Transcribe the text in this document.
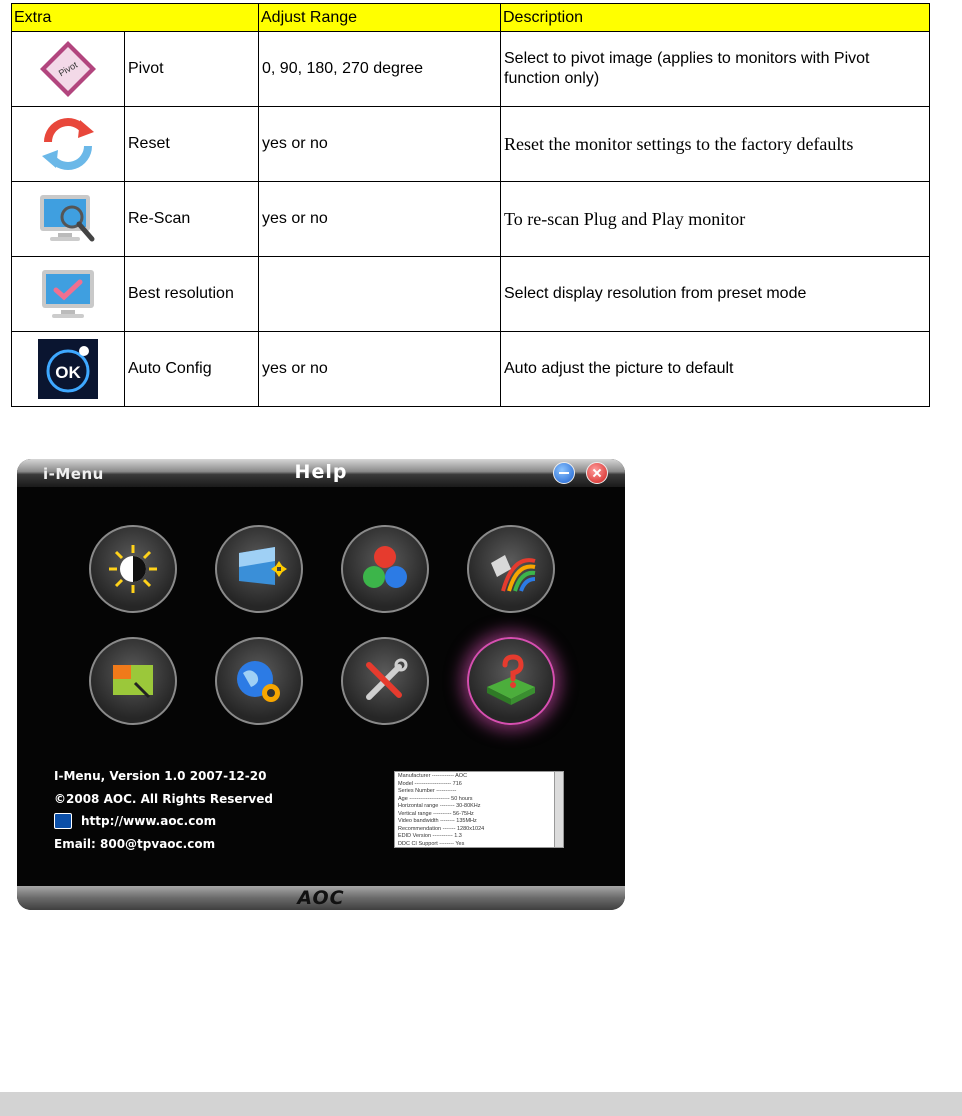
Extra		Adjust Range	Description

Pivot	Pivot	0, 90, 180, 270 degree	Select to pivot image (applies to monitors with Pivot function only)
	Reset	yes or no	Reset the monitor settings to the factory defaults
	Re-Scan	yes or no	To re-scan Plug and Play monitor
	Best resolution		Select display resolution from preset mode

OK	Auto Config	yes or no	Auto adjust the picture to default
i-Menu	Help
I-Menu, Version 1.0 2007-12-20
©2008 AOC. All Rights Reserved
http://www.aoc.com
Email: 800@tpvaoc.com
Manufacturer ------------ AOC
Model -------------------- 716
Series Number -----------
Age ---------------------- 50 hours
Horizontal range -------- 30-80KHz
Vertical range ---------- 56-75Hz
Video bandwidth -------- 135MHz
Recommendation ------- 1280x1024
EDID Version ----------- 1.3
DDC CI Support -------- Yes
AOC
